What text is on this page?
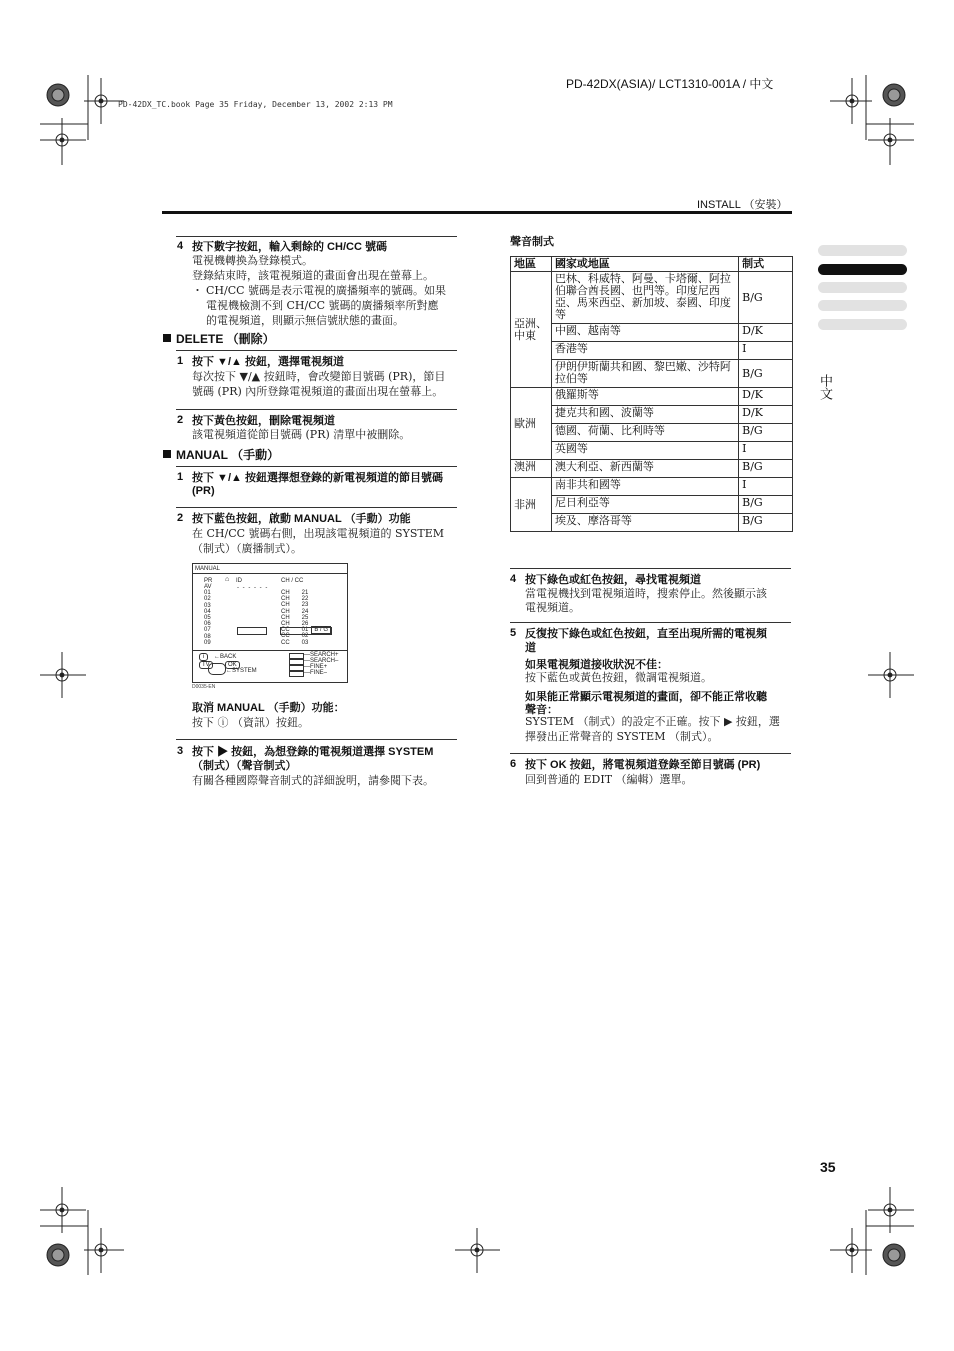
PD-42DX(ASIA)/ LCT1310-001A / 中文
PD-42DX_TC.book Page 35 Friday, December 13, 2002 2:13 PM
INSTALL （安裝）
中文
4 按下數字按鈕，輸入剩餘的 CH/CC 號碼
電視機轉換為登錄模式。
登錄結束時，該電視頻道的畫面會出現在螢幕上。
・ CH/CC 號碼是表示電視的廣播頻率的號碼。如果
電視機檢測不到 CH/CC 號碼的廣播頻率所對應
的電視頻道，則顯示無信號狀態的畫面。
DELETE （刪除）
1 按下 ▼/▲ 按鈕，選擇電視頻道
每次按下 ▼/▲ 按鈕時，會改變節目號碼 (PR)，節目
號碼 (PR) 內所登錄電視頻道的畫面出現在螢幕上。
2 按下黃色按鈕，刪除電視頻道
該電視頻道從節目號碼 (PR) 清單中被刪除。
MANUAL （手動）
1 按下 ▼/▲ 按鈕選擇想登錄的新電視頻道的節目號碼
(PR)
2 按下藍色按鈕，啟動 MANUAL （手動）功能
在 CH/CC 號碼右側，出現該電視頻道的 SYSTEM
（制式）（廣播制式）。
MANUAL
PR ⌂ ID	CH / CC
AV
01
02
03
04
05
06
07
08
09
- - - - - -
CH 21
CH 22
CH 23
CH 24
CH 25
CH 26
CC 01 B / G
CC 02
CC 03
i	←BACK
TV	OK
←SYSTEM
—SEARCH+
—SEARCH–
—FINE+
—FINE–
D0035-EN
取消 MANUAL （手動）功能：
按下 ⓘ （資訊）按鈕。
3 按下 ▶ 按鈕，為想登錄的電視頻道選擇 SYSTEM
（制式）（聲音制式）
有關各種國際聲音制式的詳細說明，請參閱下表。
聲音制式
地區	國家或地區	制式
亞洲、中東	巴林、科威特、阿曼、卡塔爾、阿拉伯聯合酋長國、也門等。印度尼西亞、馬來西亞、新加坡、泰國、印度等	B/G
	中國、越南等	D/K
	香港等	I
	伊朗伊斯蘭共和國、黎巴嫩、沙特阿拉伯等	B/G
歐洲	俄羅斯等	D/K
	捷克共和國、波蘭等	D/K
	德國、荷蘭、比利時等	B/G
	英國等	I
澳洲	澳大利亞、新西蘭等	B/G
非洲	南非共和國等	I
	尼日利亞等	B/G
	埃及、摩洛哥等	B/G
4 按下綠色或紅色按鈕，尋找電視頻道
當電視機找到電視頻道時，搜索停止。然後顯示該
電視頻道。
5 反復按下綠色或紅色按鈕，直至出現所需的電視頻
道
如果電視頻道接收狀況不佳：
按下藍色或黃色按鈕，微調電視頻道。
如果能正常顯示電視頻道的畫面，卻不能正常收聽
聲音：
SYSTEM （制式）的設定不正確。按下 ▶ 按鈕，選
擇發出正常聲音的 SYSTEM （制式）。
6 按下 OK 按鈕，將電視頻道登錄至節目號碼 (PR)
回到普通的 EDIT （編輯）選單。
35
